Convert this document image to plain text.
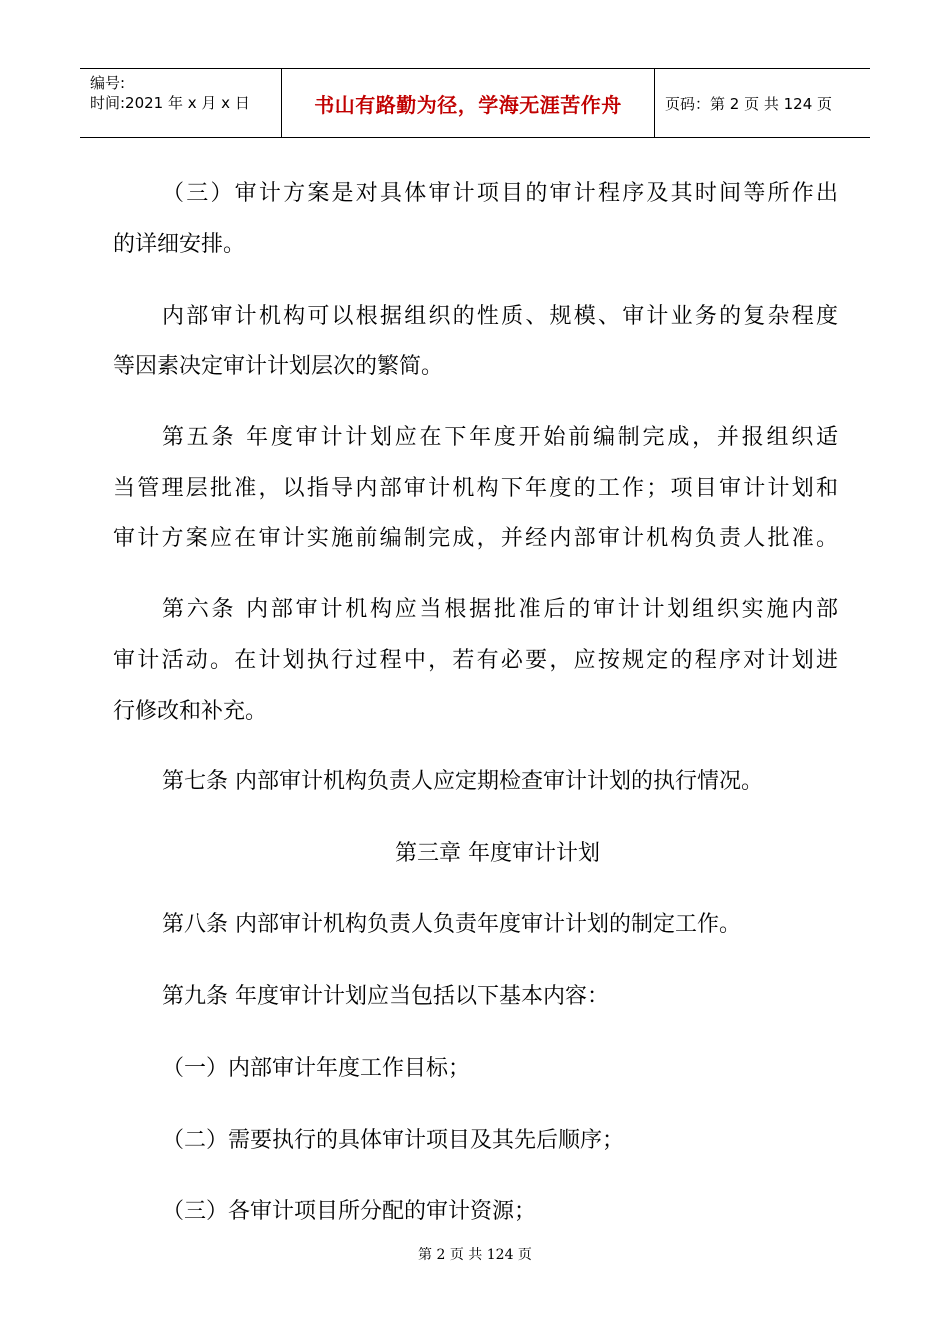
编号:
时间:2021 年 x 月 x 日	书山有路勤为径，学海无涯苦作舟	页码：第 2 页 共 124 页
（三）审计方案是对具体审计项目的审计程序及其时间等所作出
的详细安排。
内部审计机构可以根据组织的性质、规模、审计业务的复杂程度
等因素决定审计计划层次的繁简。
第五条 年度审计计划应在下年度开始前编制完成，并报组织适
当管理层批准，以指导内部审计机构下年度的工作；项目审计计划和
审计方案应在审计实施前编制完成，并经内部审计机构负责人批准。
第六条 内部审计机构应当根据批准后的审计计划组织实施内部
审计活动。在计划执行过程中，若有必要，应按规定的程序对计划进
行修改和补充。
第七条 内部审计机构负责人应定期检查审计计划的执行情况。
第三章 年度审计计划
第八条 内部审计机构负责人负责年度审计计划的制定工作。
第九条 年度审计计划应当包括以下基本内容：
（一）内部审计年度工作目标；
（二）需要执行的具体审计项目及其先后顺序；
（三）各审计项目所分配的审计资源；
第 2 页 共 124 页
